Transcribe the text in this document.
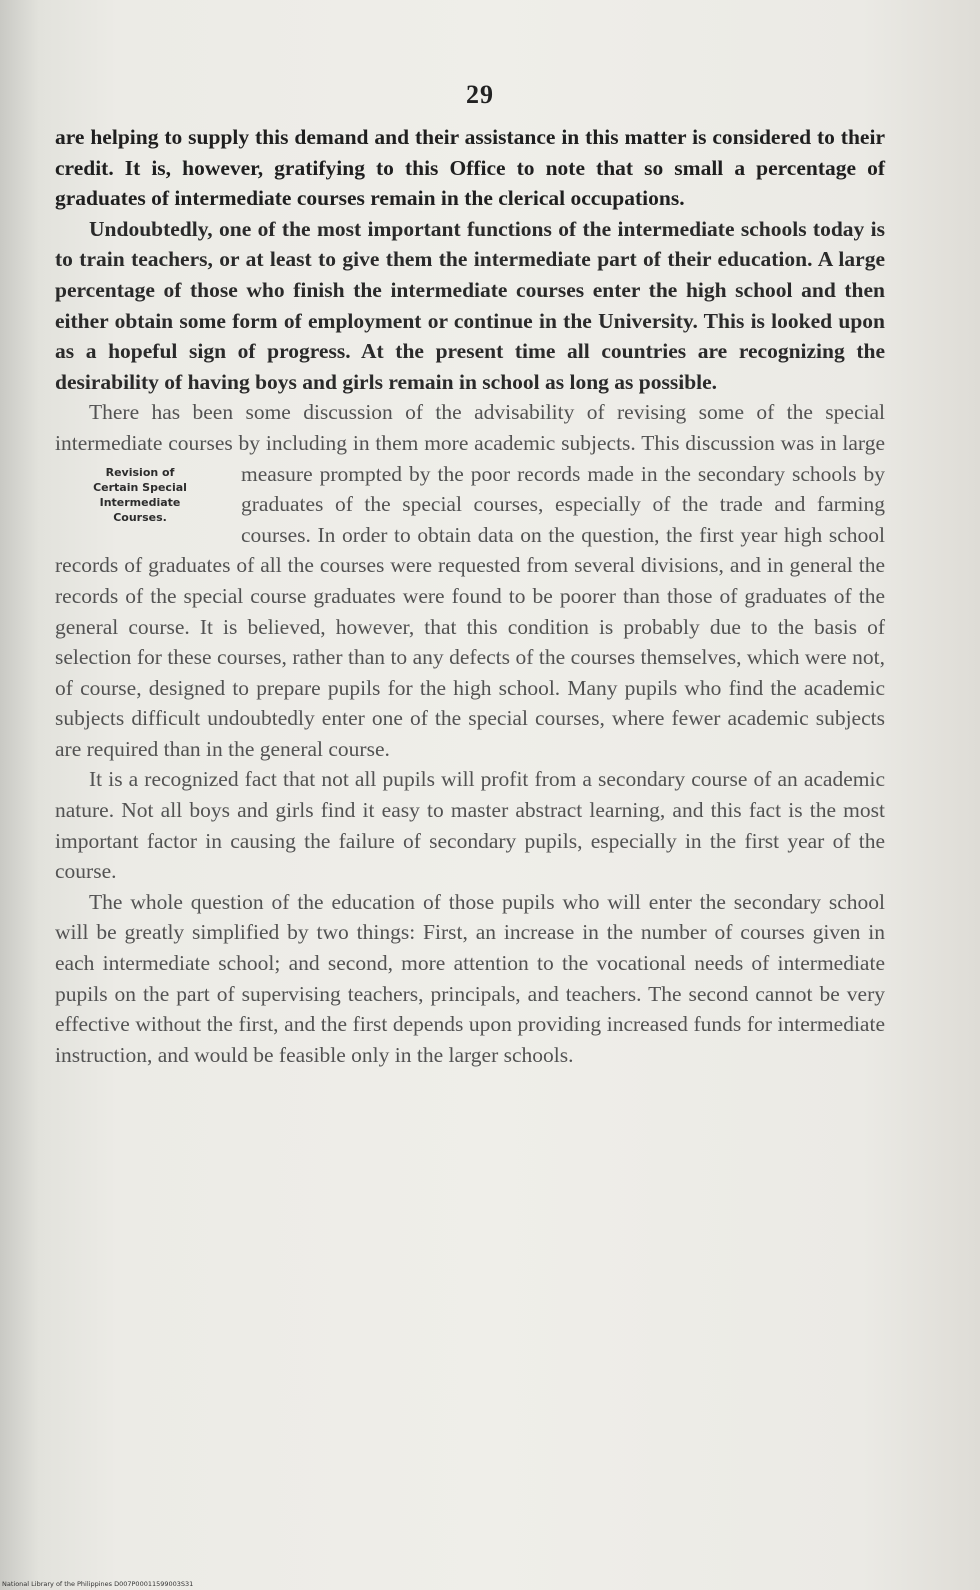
29

are helping to supply this demand and their assistance in this matter is considered to their credit. It is, however, gratifying to this Office to note that so small a percentage of graduates of intermediate courses remain in the clerical occupations.

Undoubtedly, one of the most important functions of the intermediate schools today is to train teachers, or at least to give them the intermediate part of their education. A large percentage of those who finish the intermediate courses enter the high school and then either obtain some form of employment or continue in the University. This is looked upon as a hopeful sign of progress. At the present time all countries are recognizing the desirability of having boys and girls remain in school as long as possible.

There has been some discussion of the advisability of revising some of the special intermediate courses by including in them more academic subjects. This discussion was in large measure
Revision of
Certain Special
Intermediate
Courses.
prompted by the poor records made in the secondary schools by graduates of the special courses, especially of the trade and farming courses. In order to obtain data on the question, the first year high school records of graduates of all the courses were requested from several divisions, and in general the records of the special course graduates were found to be poorer than those of graduates of the general course. It is believed, however, that this condition is probably due to the basis of selection for these courses, rather than to any defects of the courses themselves, which were not, of course, designed to prepare pupils for the high school. Many pupils who find the academic subjects difficult undoubtedly enter one of the special courses, where fewer academic subjects are required than in the general course.

It is a recognized fact that not all pupils will profit from a secondary course of an academic nature. Not all boys and girls find it easy to master abstract learning, and this fact is the most important factor in causing the failure of secondary pupils, especially in the first year of the course.

The whole question of the education of those pupils who will enter the secondary school will be greatly simplified by two things: First, an increase in the number of courses given in each intermediate school; and second, more attention to the vocational needs of intermediate pupils on the part of supervising teachers, principals, and teachers. The second cannot be very effective without the first, and the first depends upon providing increased funds for intermediate instruction, and would be feasible only in the larger schools.

National Library of the Philippines D007P00011599003S31
